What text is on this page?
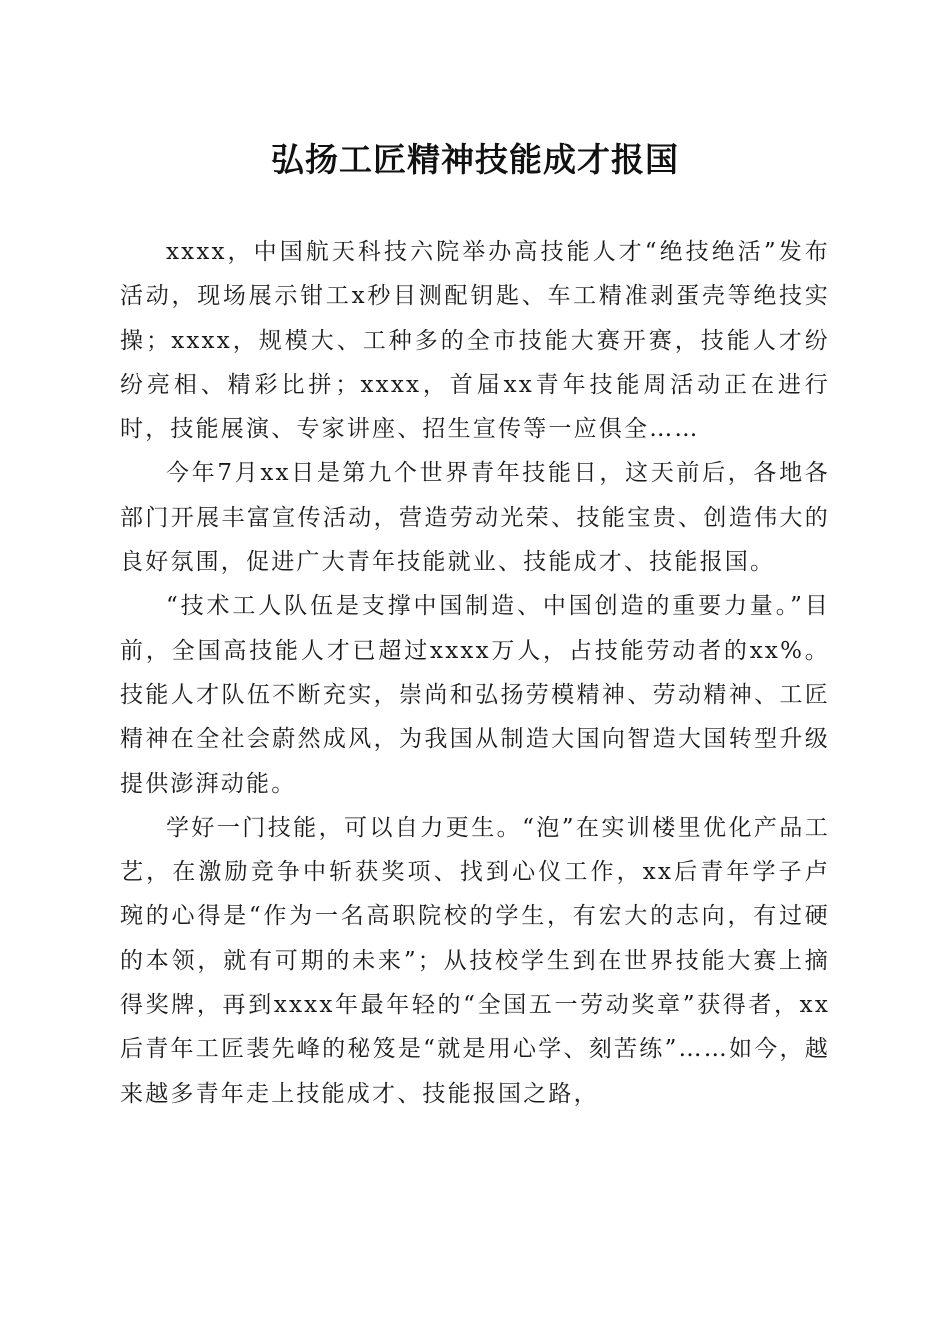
弘扬工匠精神技能成才报国

xxxx，中国航天科技六院举办高技能人才“绝技绝活”发布活动，现场展示钳工x秒目测配钥匙、车工精准剥蛋壳等绝技实操；xxxx，规模大、工种多的全市技能大赛开赛，技能人才纷纷亮相、精彩比拼；xxxx，首届xx青年技能周活动正在进行时，技能展演、专家讲座、招生宣传等一应俱全……

今年7月xx日是第九个世界青年技能日，这天前后，各地各部门开展丰富宣传活动，营造劳动光荣、技能宝贵、创造伟大的良好氛围，促进广大青年技能就业、技能成才、技能报国。

“技术工人队伍是支撑中国制造、中国创造的重要力量。”目前，全国高技能人才已超过xxxx万人，占技能劳动者的xx%。技能人才队伍不断充实，崇尚和弘扬劳模精神、劳动精神、工匠精神在全社会蔚然成风，为我国从制造大国向智造大国转型升级提供澎湃动能。

学好一门技能，可以自力更生。“泡”在实训楼里优化产品工艺，在激励竞争中斩获奖项、找到心仪工作，xx后青年学子卢琬的心得是“作为一名高职院校的学生，有宏大的志向，有过硬的本领，就有可期的未来”；从技校学生到在世界技能大赛上摘得奖牌，再到xxxx年最年轻的“全国五一劳动奖章”获得者，xx后青年工匠裴先峰的秘笈是“就是用心学、刻苦练”……如今，越来越多青年走上技能成才、技能报国之路，
